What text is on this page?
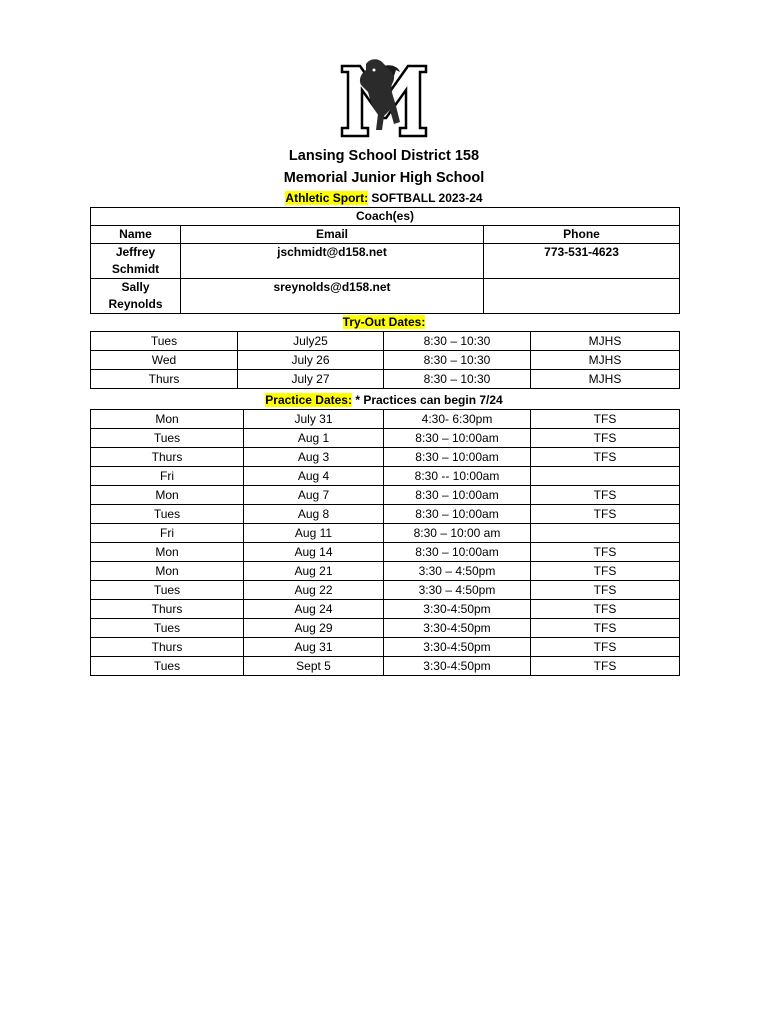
Lansing School District 158
Memorial Junior High School
Athletic Sport: SOFTBALL 2023-24
Coach(es)		
Name	Email	Phone
Jeffrey Schmidt	jschmidt@d158.net	773-531-4623
Sally Reynolds	sreynolds@d158.net	
Try-Out Dates:
Tues	July25	8:30 – 10:30	MJHS
Wed	July 26	8:30 – 10:30	MJHS
Thurs	July 27	8:30 – 10:30	MJHS
Practice Dates: * Practices can begin 7/24
Mon	July 31	4:30- 6:30pm	TFS
Tues	Aug 1	8:30 – 10:00am	TFS
Thurs	Aug 3	8:30 – 10:00am	TFS
Fri	Aug 4	8:30 -- 10:00am	
Mon	Aug 7	8:30 – 10:00am	TFS
Tues	Aug 8	8:30 – 10:00am	TFS
Fri	Aug 11	8:30 – 10:00 am	
Mon	Aug 14	8:30 – 10:00am	TFS
Mon	Aug 21	3:30 – 4:50pm	TFS
Tues	Aug 22	3:30 – 4:50pm	TFS
Thurs	Aug 24	3:30-4:50pm	TFS
Tues	Aug 29	3:30-4:50pm	TFS
Thurs	Aug 31	3:30-4:50pm	TFS
Tues	Sept 5	3:30-4:50pm	TFS
